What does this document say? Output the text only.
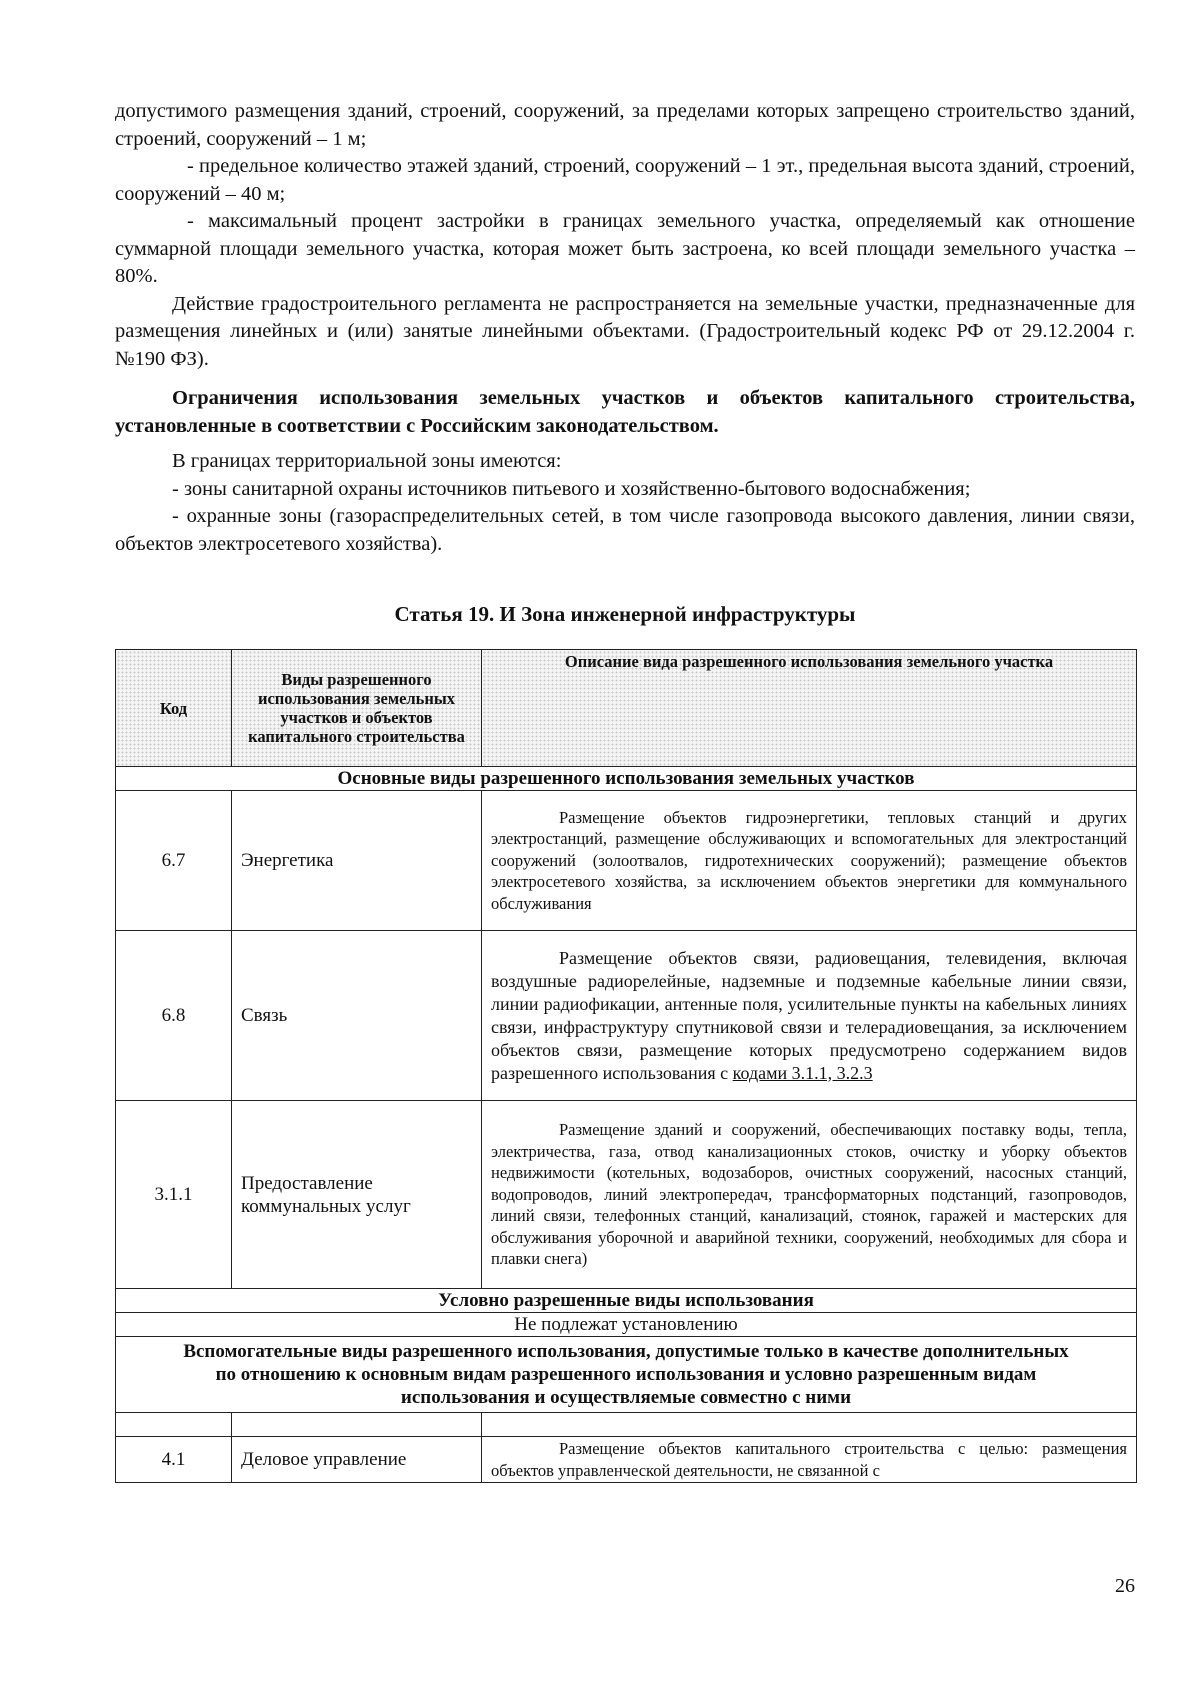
допустимого размещения зданий, строений, сооружений, за пределами которых запрещено строительство зданий, строений, сооружений – 1 м;

- предельное количество этажей зданий, строений, сооружений – 1 эт., предельная высота зданий, строений, сооружений – 40 м;

- максимальный процент застройки в границах земельного участка, определяемый как отношение суммарной площади земельного участка, которая может быть застроена, ко всей площади земельного участка – 80%.

Действие градостроительного регламента не распространяется на земельные участки, предназначенные для размещения линейных и (или) занятые линейными объектами. (Градостроительный кодекс РФ от 29.12.2004 г. №190 ФЗ).

Ограничения использования земельных участков и объектов капитального строительства, установленные в соответствии с Российским законодательством.

В границах территориальной зоны имеются:

- зоны санитарной охраны источников питьевого и хозяйственно-бытового водоснабжения;

- охранные зоны (газораспределительных сетей, в том числе газопровода высокого давления, линии связи, объектов электросетевого хозяйства).

Статья 19. И Зона инженерной инфраструктуры
Код	Виды разрешенного использования земельных участков и объектов капитального строительства	Описание вида разрешенного использования земельного участка
Основные виды разрешенного использования земельных участков		
6.7	Энергетика	Размещение объектов гидроэнергетики, тепловых станций и других электростанций, размещение обслуживающих и вспомогательных для электростанций сооружений (золоотвалов, гидротехнических сооружений); размещение объектов электросетевого хозяйства, за исключением объектов энергетики для коммунального обслуживания
6.8	Связь	Размещение объектов связи, радиовещания, телевидения, включая воздушные радиорелейные, надземные и подземные кабельные линии связи, линии радиофикации, антенные поля, усилительные пункты на кабельных линиях связи, инфраструктуру спутниковой связи и телерадиовещания, за исключением объектов связи, размещение которых предусмотрено содержанием видов разрешенного использования с кодами 3.1.1, 3.2.3
3.1.1	Предоставление коммунальных услуг	Размещение зданий и сооружений, обеспечивающих поставку воды, тепла, электричества, газа, отвод канализационных стоков, очистку и уборку объектов недвижимости (котельных, водозаборов, очистных сооружений, насосных станций, водопроводов, линий электропередач, трансформаторных подстанций, газопроводов, линий связи, телефонных станций, канализаций, стоянок, гаражей и мастерских для обслуживания уборочной и аварийной техники, сооружений, необходимых для сбора и плавки снега)
Условно разрешенные виды использования		
Не подлежат установлению		
Вспомогательные виды разрешенного использования, допустимые только в качестве дополнительных по отношению к основным видам разрешенного использования и условно разрешенным видам использования и осуществляемые совместно с ними		

4.1	Деловое управление	Размещение объектов капитального строительства с целью: размещения объектов управленческой деятельности, не связанной с
26
